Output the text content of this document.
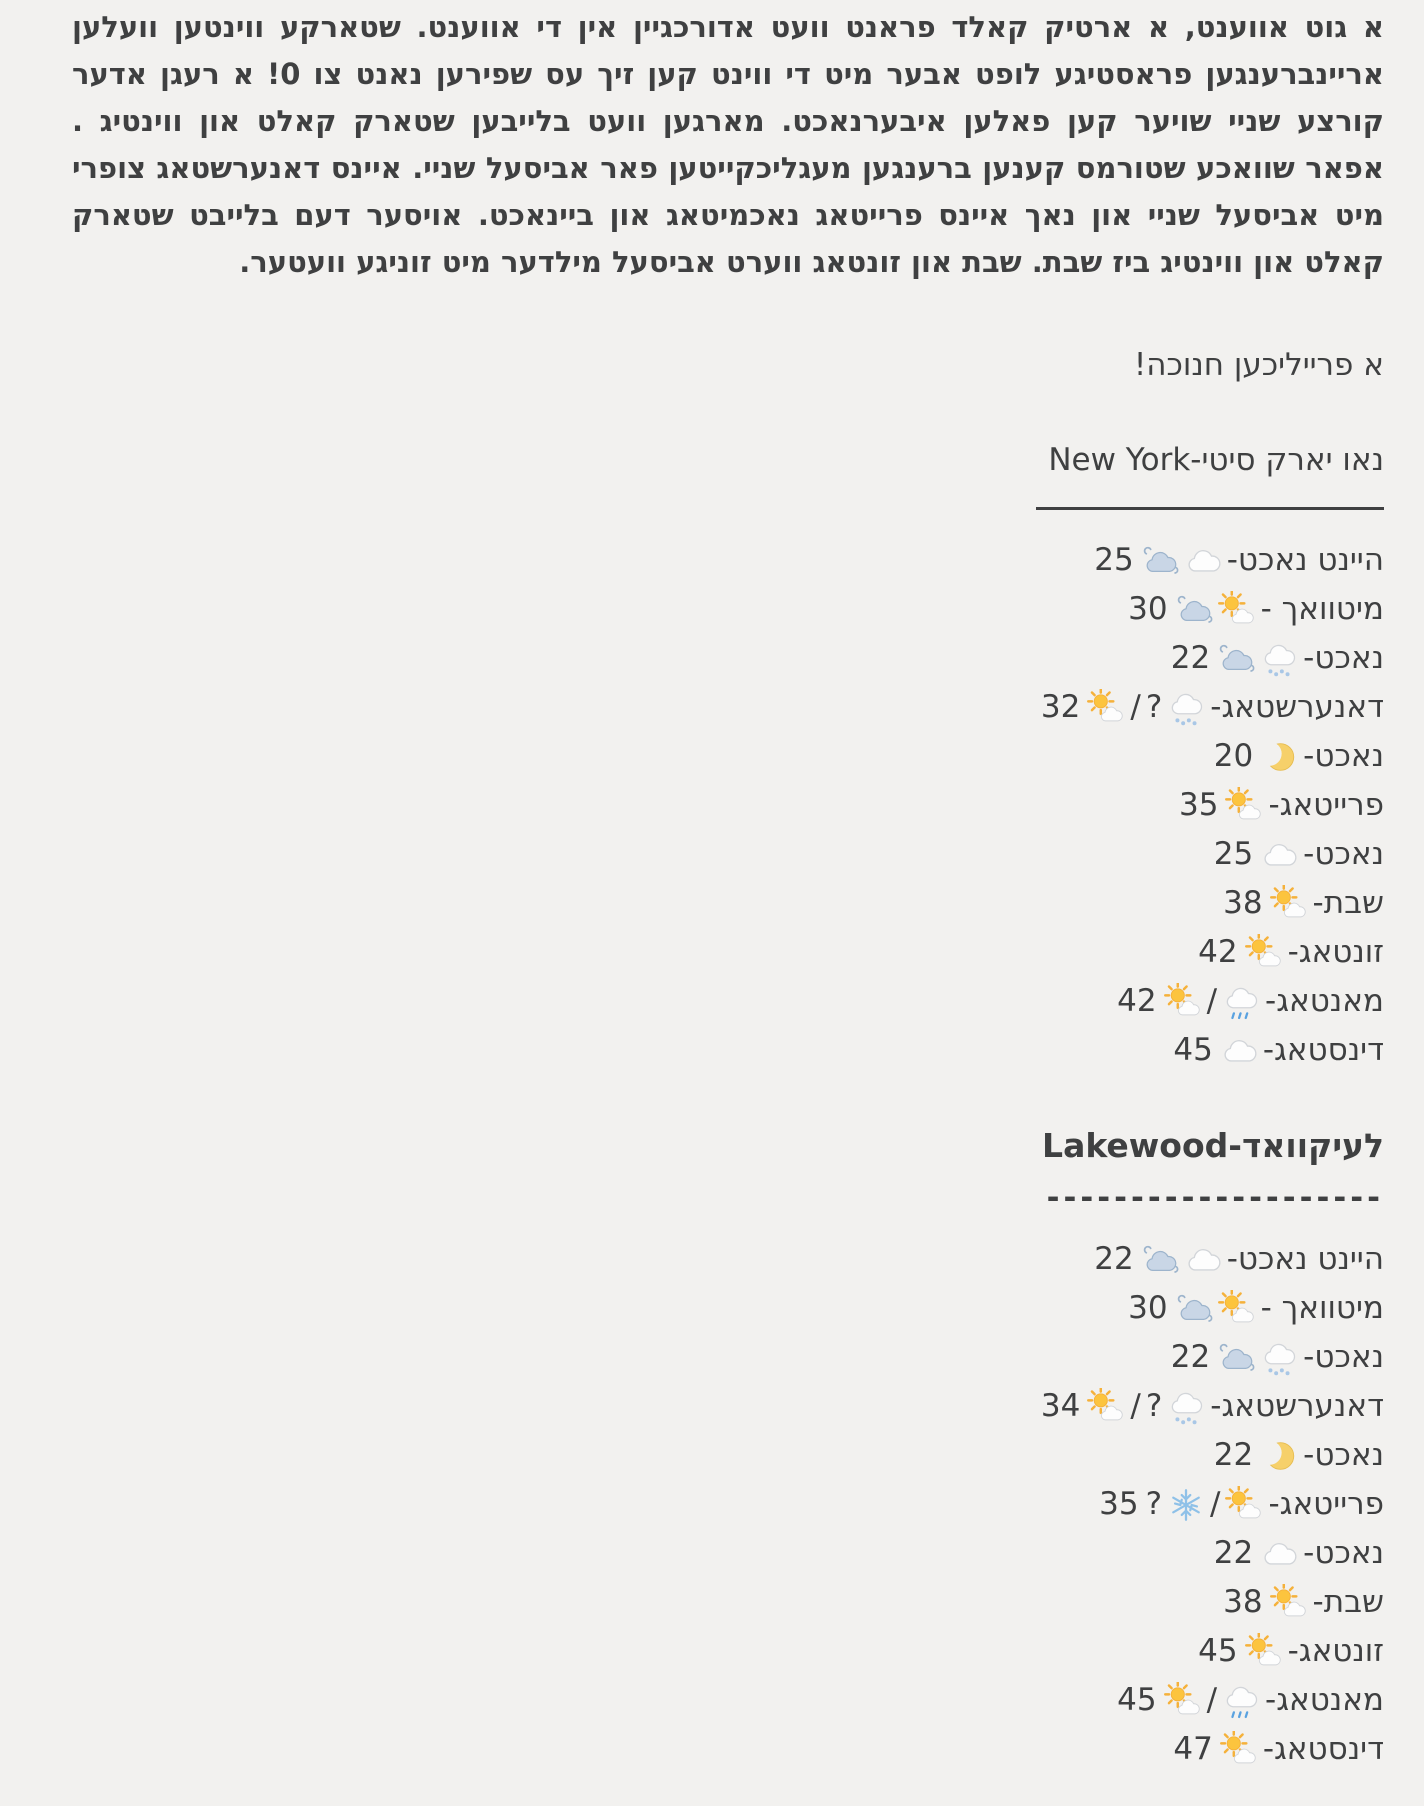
א גוט אווענט, א ארטיק קאלד פראנט וועט אדורכגיין אין די אווענט. שטארקע ווינטען וועלען אריינברענגען פראסטיגע לופט אבער מיט די ווינט קען זיך עס שפירען נאנט צו 0! א רעגן אדער קורצע שניי שויער קען פאלען איבערנאכט. מארגען וועט בלייבען שטארק קאלט און ווינטיג . אפאר שוואכע שטורמס קענען ברענגען מעגליכקייטען פאר אביסעל שניי. איינס דאנערשטאג צופרי מיט אביסעל שניי און נאך איינס פרייטאג נאכמיטאג און ביינאכט. אויסער דעם בלייבט שטארק קאלט און ווינטיג ביז שבת. שבת און זונטאג ווערט אביסעל מילדער מיט זוניגע וועטער.

א פרייליכען חנוכה!
נאו יארק סיטי-New York
היינט נאכט-
25
מיטוואך -
30
נאכט-
22
דאנערשטאג-
?
/
32
נאכט-
20
פרייטאג-
35
נאכט-
25
שבת-
38
זונטאג-
42
מאנטאג-
/
42
דינסטאג-
45
לעיקוואד-Lakewood
--------------------
היינט נאכט-
22
מיטוואך -
30
נאכט-
22
דאנערשטאג-
?
/
34
נאכט-
22
פרייטאג-
/
?
35
נאכט-
22
שבת-
38
זונטאג-
45
מאנטאג-
/
45
דינסטאג-
47
